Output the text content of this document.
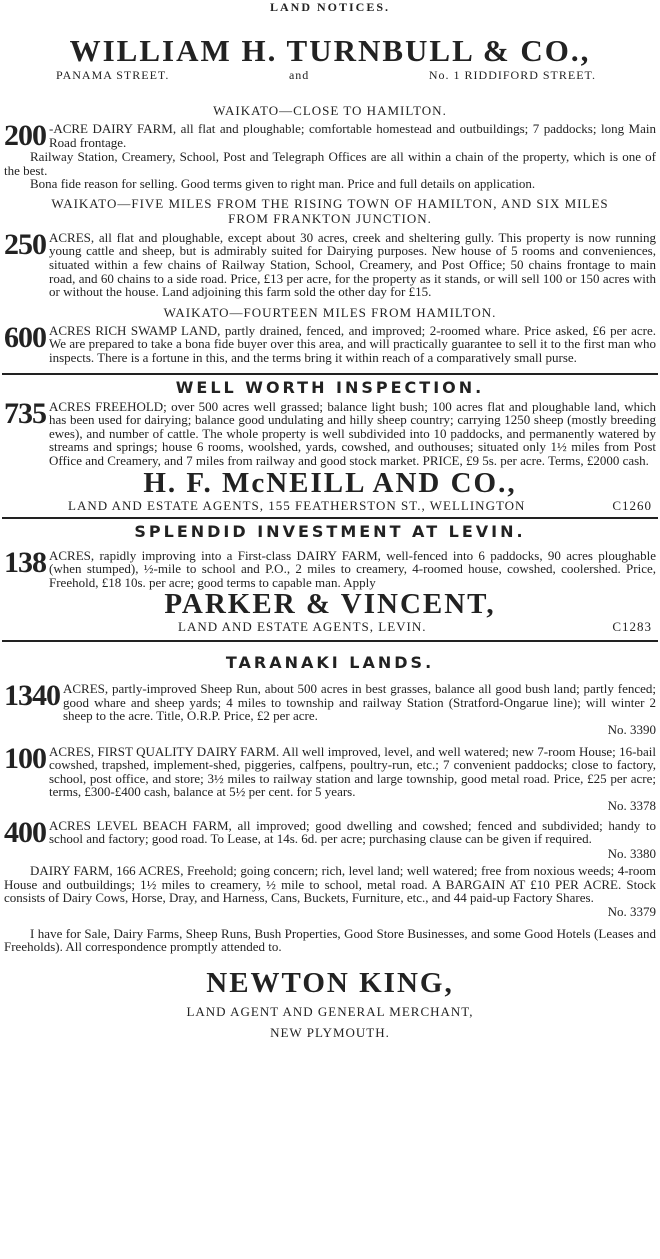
LAND NOTICES.
WILLIAM H. TURNBULL & CO.,
PANAMA STREET.	and	No. 1 RIDDIFORD STREET.
WAIKATO—CLOSE TO HAMILTON.
200 -ACRE DAIRY FARM, all flat and ploughable; comfortable homestead and outbuildings; 7 paddocks; long Main Road frontage.
Railway Station, Creamery, School, Post and Telegraph Offices are all within a chain of the property, which is one of the best.
Bona fide reason for selling. Good terms given to right man. Price and full details on application.
WAIKATO—FIVE MILES FROM THE RISING TOWN OF HAMILTON, AND SIX MILES
FROM FRANKTON JUNCTION.
250 ACRES, all flat and ploughable, except about 30 acres, creek and sheltering gully. This property is now running young cattle and sheep, but is admirably suited for Dairying purposes. New house of 5 rooms and conveniences, situated within a few chains of Railway Station, School, Creamery, and Post Office; 50 chains frontage to main road, and 60 chains to a side road. Price, £13 per acre, for the property as it stands, or will sell 100 or 150 acres with or without the house. Land adjoining this farm sold the other day for £15.
WAIKATO—FOURTEEN MILES FROM HAMILTON.
600 ACRES RICH SWAMP LAND, partly drained, fenced, and improved; 2-roomed whare. Price asked, £6 per acre. We are prepared to take a bona fide buyer over this area, and will practically guarantee to sell it to the first man who inspects. There is a fortune in this, and the terms bring it within reach of a comparatively small purse.
WELL WORTH INSPECTION.
735 ACRES FREEHOLD; over 500 acres well grassed; balance light bush; 100 acres flat and ploughable land, which has been used for dairying; balance good undulating and hilly sheep country; carrying 1250 sheep (mostly breeding ewes), and number of cattle. The whole property is well subdivided into 10 paddocks, and permanently watered by streams and springs; house 6 rooms, woolshed, yards, cowshed, and outhouses; situated only 1½ miles from Post Office and Creamery, and 7 miles from railway and good stock market. PRICE, £9 5s. per acre. Terms, £2000 cash.
H. F. McNEILL AND CO.,
LAND AND ESTATE AGENTS, 155 FEATHERSTON ST., WELLINGTON	C1260
SPLENDID INVESTMENT AT LEVIN.
138 ACRES, rapidly improving into a First-class DAIRY FARM, well-fenced into 6 paddocks, 90 acres ploughable (when stumped), ½-mile to school and P.O., 2 miles to creamery, 4-roomed house, cowshed, coolershed. Price, Freehold, £18 10s. per acre; good terms to capable man. Apply
PARKER & VINCENT,
LAND AND ESTATE AGENTS, LEVIN.	C1283
TARANAKI LANDS.
1340 ACRES, partly-improved Sheep Run, about 500 acres in best grasses, balance all good bush land; partly fenced; good whare and sheep yards; 4 miles to township and railway Station (Stratford-Ongarue line); will winter 2 sheep to the acre. Title, O.R.P. Price, £2 per acre.
No. 3390
100 ACRES, FIRST QUALITY DAIRY FARM. All well improved, level, and well watered; new 7-room House; 16-bail cowshed, trapshed, implement-shed, piggeries, calfpens, poultry-run, etc.; 7 convenient paddocks; close to factory, school, post office, and store; 3½ miles to railway station and large township, good metal road. Price, £25 per acre; terms, £300-£400 cash, balance at 5½ per cent. for 5 years.
No. 3378
400 ACRES LEVEL BEACH FARM, all improved; good dwelling and cowshed; fenced and subdivided; handy to school and factory; good road. To Lease, at 14s. 6d. per acre; purchasing clause can be given if required.
No. 3380
DAIRY FARM, 166 ACRES, Freehold; going concern; rich, level land; well watered; free from noxious weeds; 4-room House and outbuildings; 1½ miles to creamery, ½ mile to school, metal road. A BARGAIN AT £10 PER ACRE. Stock consists of Dairy Cows, Horse, Dray, and Harness, Cans, Buckets, Furniture, etc., and 44 paid-up Factory Shares.
No. 3379
I have for Sale, Dairy Farms, Sheep Runs, Bush Properties, Good Store Businesses, and some Good Hotels (Leases and Freeholds). All correspondence promptly attended to.
NEWTON KING,
LAND AGENT AND GENERAL MERCHANT,
NEW PLYMOUTH.
